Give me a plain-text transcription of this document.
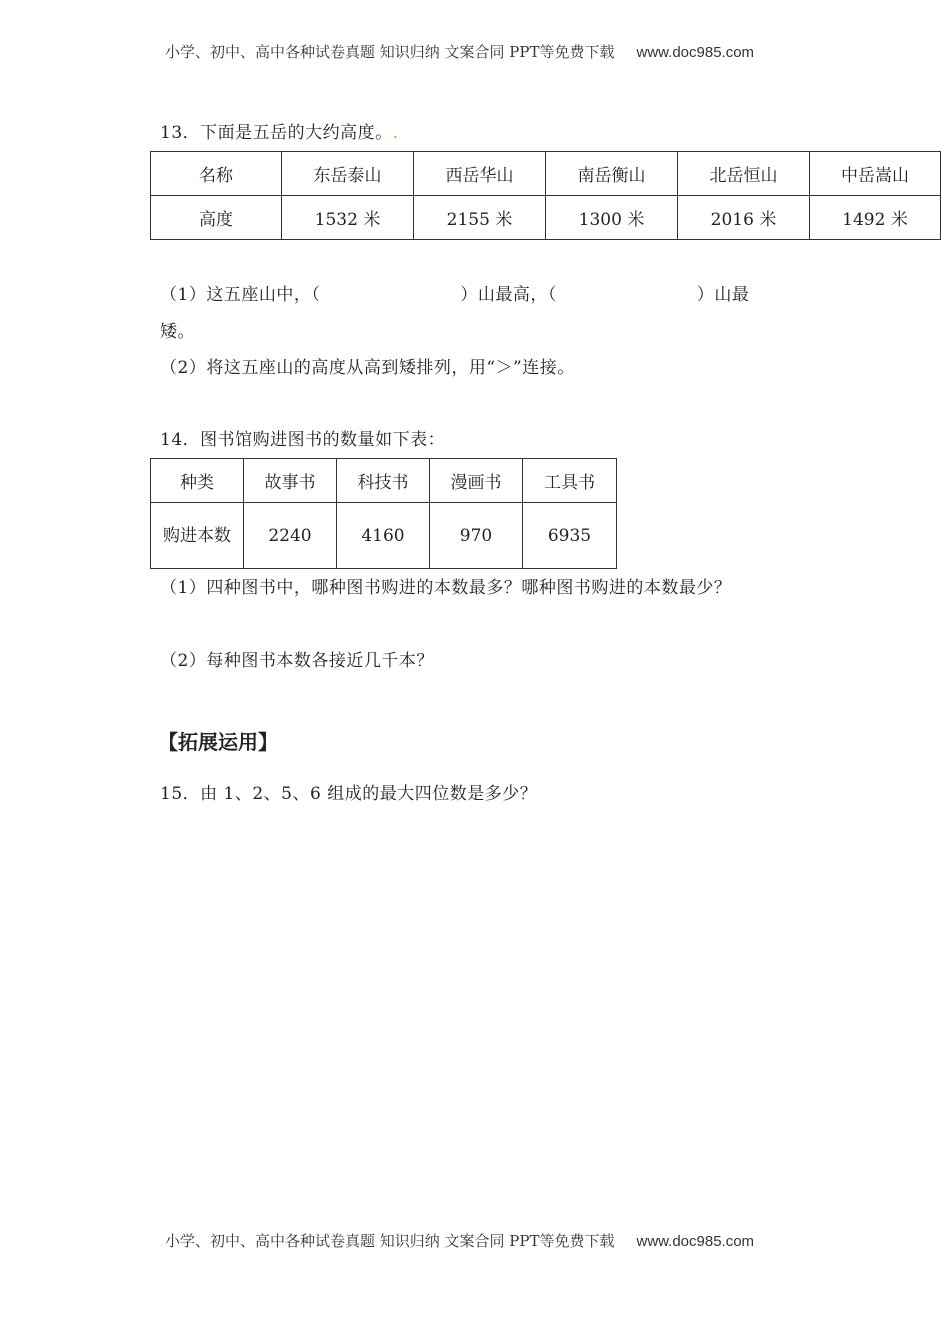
小学、初中、高中各种试卷真题 知识归纳 文案合同 PPT等免费下载 www.doc985.com
13．下面是五岳的大约高度。.
名称	东岳泰山	西岳华山	南岳衡山	北岳恒山	中岳嵩山
高度	1532 米	2155 米	1300 米	2016 米	1492 米
（1）这五座山中，（	）山最高，（	）山最
矮。
（2）将这五座山的高度从高到矮排列，用“＞”连接。
14．图书馆购进图书的数量如下表：
种类	故事书	科技书	漫画书	工具书
购进本数	2240	4160	970	6935
（1）四种图书中，哪种图书购进的本数最多？哪种图书购进的本数最少？
（2）每种图书本数各接近几千本？
【拓展运用】
15．由 1、2、5、6 组成的最大四位数是多少？
小学、初中、高中各种试卷真题 知识归纳 文案合同 PPT等免费下载 www.doc985.com
